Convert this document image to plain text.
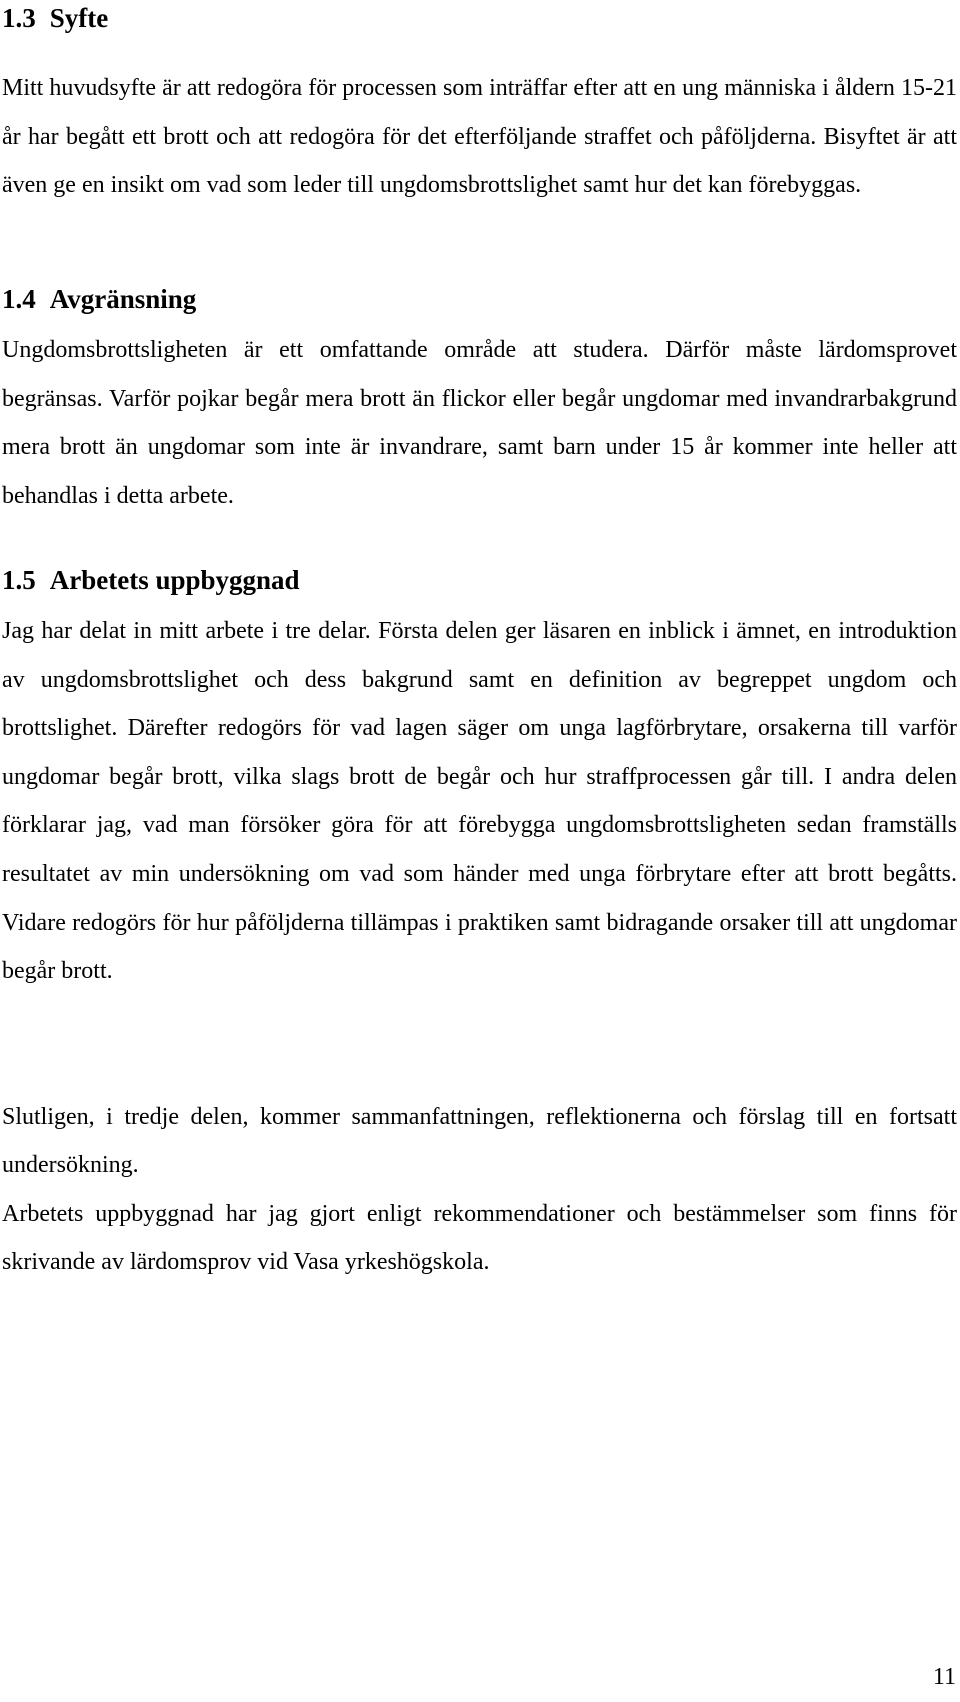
1.3 Syfte

Mitt huvudsyfte är att redogöra för processen som inträffar efter att en ung människa i åldern 15-21 år har begått ett brott och att redogöra för det efterföljande straffet och påföljderna. Bisyftet är att även ge en insikt om vad som leder till ungdomsbrottslighet samt hur det kan förebyggas.

1.4 Avgränsning

Ungdomsbrottsligheten är ett omfattande område att studera. Därför måste lärdomsprovet begränsas. Varför pojkar begår mera brott än flickor eller begår ungdomar med invandrarbakgrund mera brott än ungdomar som inte är invandrare, samt barn under 15 år kommer inte heller att behandlas i detta arbete.

1.5 Arbetets uppbyggnad

Jag har delat in mitt arbete i tre delar. Första delen ger läsaren en inblick i ämnet, en introduktion av ungdomsbrottslighet och dess bakgrund samt en definition av begreppet ungdom och brottslighet. Därefter redogörs för vad lagen säger om unga lagförbrytare, orsakerna till varför ungdomar begår brott, vilka slags brott de begår och hur straffprocessen går till. I andra delen förklarar jag, vad man försöker göra för att förebygga ungdomsbrottsligheten sedan framställs resultatet av min undersökning om vad som händer med unga förbrytare efter att brott begåtts. Vidare redogörs för hur påföljderna tillämpas i praktiken samt bidragande orsaker till att ungdomar begår brott.

Slutligen, i tredje delen, kommer sammanfattningen, reflektionerna och förslag till en fortsatt undersökning.

Arbetets uppbyggnad har jag gjort enligt rekommendationer och bestämmelser som finns för skrivande av lärdomsprov vid Vasa yrkeshögskola.

11
